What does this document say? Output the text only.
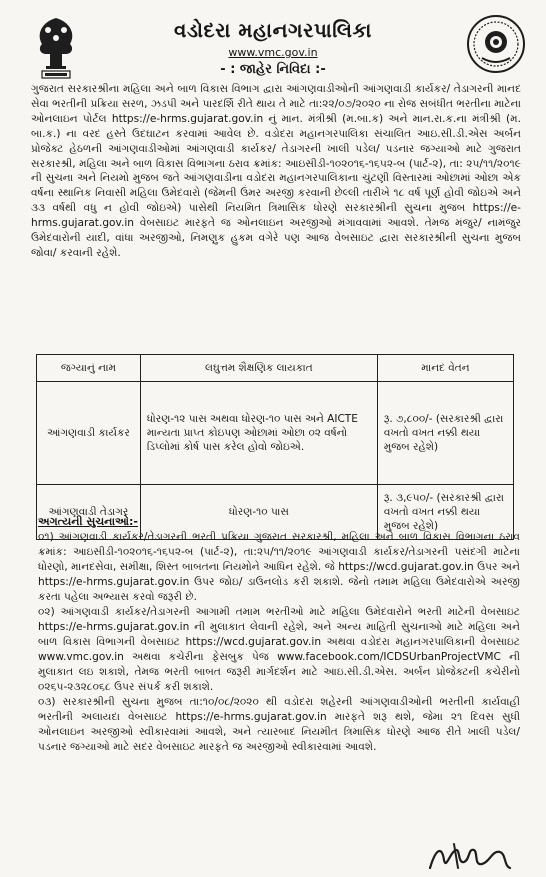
વડોદરા મહાનગરપાલિકા
www.vmc.gov.in
- : જાહેર નિવિદા :-

ગુજરાત સરકારશ્રીના મહિલા અને બાળ વિકાસ વિભાગ દ્વારા આંગણવાડીઓની આંગણવાડી કાર્યકર/ તેડાગરની માનદ સેવા ભરતીની પ્રક્રિયા સરળ, ઝડપી અને પારદર્શિ રીતે થાય તે માટે તા:૨૨/૦૭/૨૦૨૦ ના રોજ સબંધીત ભરતીના માટેના ઓનલાઇન પોર્ટલ https://e-hrms.gujarat.gov.in નું માન. મંત્રીશ્રી (મ.બા.ક) અને માન.રા.ક.ના મંત્રીશ્રી (મ. બા.ક.) ના વરદ હસ્તે ઉદઘાટન કરવામાં આવેલ છે. વડોદરા મહાનગરપાલિકા સંચાલિત આઇ.સી.ડી.એસ અર્બન પ્રોજેક્ટ હેઠળની આંગણવાડીઓમાં આંગણવાડી કાર્યકર/ તેડાગરની ખાલી પડેલ/ પડનાર જગ્યાઓ માટે ગુજરાત સરકારશ્રી, મહિલા અને બાળ વિકાસ વિભાગના ઠરાવ ક્રમાંક: આઇસીડી-૧૦૨૦૧૬-૧૬૫૨-બ (પાર્ટ-૨), તા: ૨૫/૧૧/૨૦૧૯ ની સુચના અને નિયમો મુજબ જતે આંગણવાડીના વડોદરા મહાનગરપાલિકાના ચુંટણી વિસ્તારમાં ઓછામાં ઓછા એક વર્ષના સ્થાનિક નિવાસી મહિલા ઉમેદવારો (જેમની ઉંમર અરજી કરવાની છેલ્લી તારીખે ૧૮ વર્ષ પૂર્ણ હોવી જોઇએ અને ૩૩ વર્ષથી વધુ ન હોવી જોઇએ) પાસેથી નિયમિત ત્રિમાસિક ધોરણે સરકારશ્રીની સુચના મુજબ https://e-hrms.gujarat.gov.in વેબસાઇટ મારફતે જ ઓનલાઇન અરજીઓ મંગાવવામાં આવશે. તેમજ મંજુર/ નામંજુર ઉમેદવારોની યાદી, વાંધા અરજીઓ, નિમણુક હુકમ વગેરે પણ આજ વેબસાઇટ દ્વારા સરકારશ્રીની સુચના મુજબ જોવા/ કરવાની રહેશે.

જગ્યાનું નામ	લઘુત્તમ શૈક્ષણિક લાયકાત	માનદ વેતન
આંગણવાડી કાર્યકર	ધોરણ-૧૨ પાસ અથવા ધોરણ-૧૦ પાસ અને AICTE માન્યતા પ્રાપ્ત કોઇપણ ઓછામાં ઓછા ૦૨ વર્ષનો ડિપ્લોમાં કોર્ષ પાસ કરેલ હોવો જોઇએ.	રૂ. ૭,૮૦૦/- (સરકારશ્રી દ્વારા વખતો વખત નક્કી થયા મુજબ રહેશે)
આંગણવાડી તેડાગર	ધોરણ-૧૦ પાસ	રૂ. ૩,૯૫૦/- (સરકારશ્રી દ્વારા વખતો વખત નક્કી થયા મુજબ રહેશે)
અગત્યની સુચનાઓ:-

૦૧) આંગણવાડી કાર્યકર/તેડાગરની ભરતી પ્રક્રિયા ગુજરાત સરકારશ્રી, મહિલા અને બાળ વિકાસ વિભાગના ઠરાવ ક્રમાંક: આઇસીડી-૧૦૨૦૧૬-૧૬૫૨-બ (પાર્ટ-૨), તા:૨૫/૧૧/૨૦૧૯ આંગણવાડી કાર્યકર/તેડાગરની પસંદગી માટેના ધોરણો, માનદસેવા, સમીક્ષા, શિસ્ત બાબતના નિયમોને આધિન રહેશે. જે https://wcd.gujarat.gov.in ઉપર અને https://e-hrms.gujarat.gov.in ઉપર જોઇ/ ડાઉનલોડ કરી શકાશે. જેનો તમામ મહિલા ઉમેદવારોએ અરજી કરતા પહેલા અભ્યાસ કરવો જરૂરી છે.

૦૨) આંગણવાડી કાર્યકર/તેડાગરની આગામી તમામ ભરતીઓ માટે મહિલા ઉમેદવારોને ભરતી માટેની વેબસાઇટ https://e-hrms.gujarat.gov.in ની મુલાકાત લેવાની રહેશે, અને અન્ય માહિતી સુચનાઓ માટે મહિલા અને બાળ વિકાસ વિભાગની વેબસાઇટ https://wcd.gujarat.gov.in અથવા વડોદરા મહાનગરપાલિકાની વેબસાઇટ www.vmc.gov.in અથવા કચેરીના ફેસબુક પેજ www.facebook.com/ICDSUrbanProjectVMC ની મુલાકાત લઇ શકાશે, તેમજ ભરતી બાબત જરૂરી માર્ગદર્શન માટે આઇ.સી.ડી.એસ. અર્બન પ્રોજેક્ટની કચેરીનો ૦૨૬૫-૨૩૨૮૦૬૮ ઉપર સંપર્ક કરી શકાશે.

૦૩) સરકારશ્રીની સુચના મુજબ તા:૧૦/૦૮/૨૦૨૦ થી વડોદરા શહેરની આંગણવાડીઓની ભરતીની કાર્યવાહી ભરતીની અલાયદા વેબસાઇટ https://e-hrms.gujarat.gov.in મારફતે શરૂ થશે, જેમા ૨૧ દિવસ સુધી ઓનલાઇન અરજીઓ સ્વીકારવામાં આવશે, અને ત્યારબાદ નિયમીત ત્રિમાસિક ધોરણે આજ રીતે ખાલી પડેલ/ પડનાર જગ્યાઓ માટે સદર વેબસાઇટ મારફતે જ અરજીઓ સ્વીકારવામાં આવશે.
